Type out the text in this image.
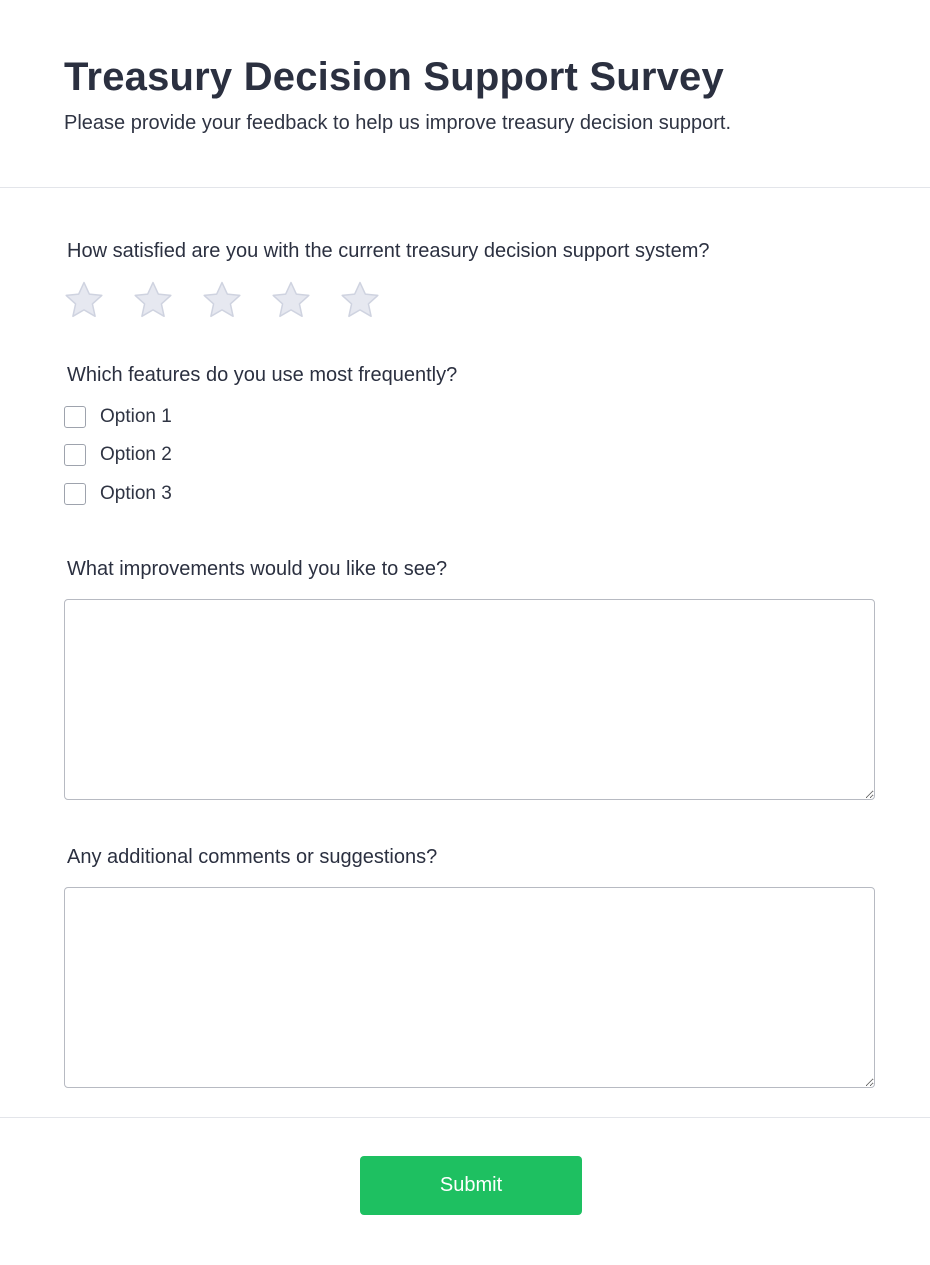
Treasury Decision Support Survey

Please provide your feedback to help us improve treasury decision support.

How satisfied are you with the current treasury decision support system?
Which features do you use most frequently?
Option 1
Option 2
Option 3
What improvements would you like to see?
Any additional comments or suggestions?
Submit
